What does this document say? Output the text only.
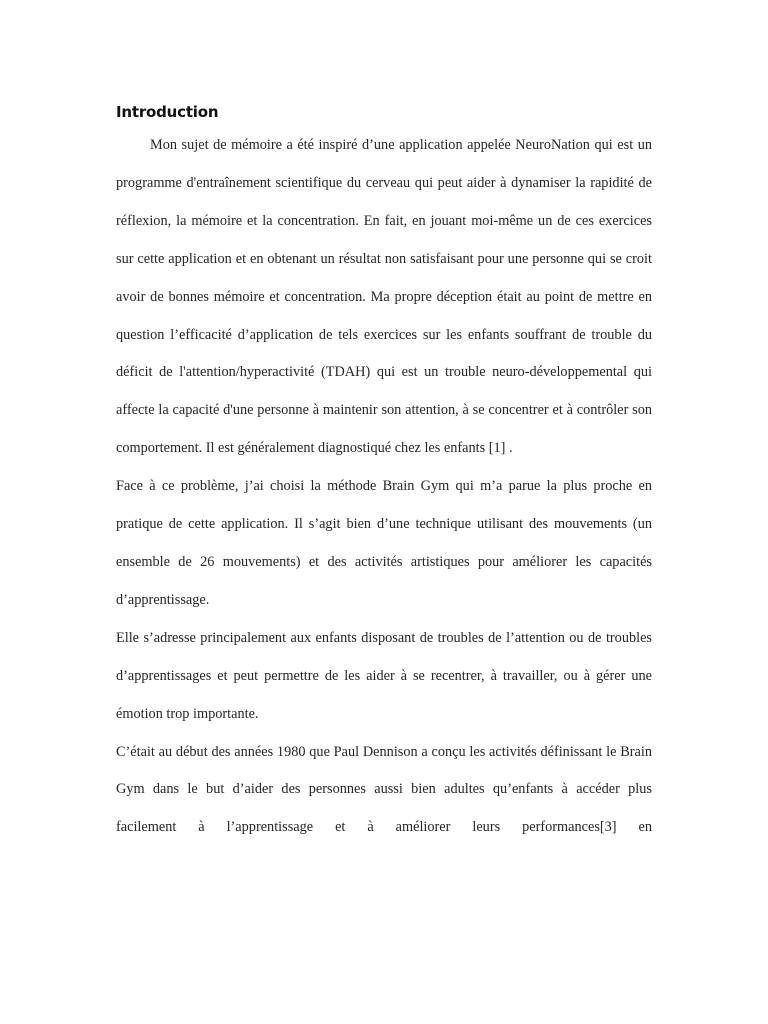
Introduction

Mon sujet de mémoire a été inspiré d’une application appelée NeuroNation qui est un programme d'entraînement scientifique du cerveau qui peut aider à dynamiser la rapidité de réflexion, la mémoire et la concentration. En fait, en jouant moi-même un de ces exercices sur cette application et en obtenant un résultat non satisfaisant pour une personne qui se croit avoir de bonnes mémoire et concentration. Ma propre déception était au point de mettre en question l’efficacité d’application de tels exercices sur les enfants souffrant de trouble du déficit de l'attention/hyperactivité (TDAH) qui est un trouble neuro-développemental qui affecte la capacité d'une personne à maintenir son attention, à se concentrer et à contrôler son comportement. Il est généralement diagnostiqué chez les enfants [1] .

Face à ce problème, j’ai choisi la méthode Brain Gym qui m’a parue la plus proche en pratique de cette application. Il s’agit bien d’une technique utilisant des mouvements (un ensemble de 26 mouvements) et des activités artistiques pour améliorer les capacités d’apprentissage.

Elle s’adresse principalement aux enfants disposant de troubles de l’attention ou de troubles d’apprentissages et peut permettre de les aider à se recentrer, à travailler, ou à gérer une émotion trop importante.

C’était au début des années 1980 que Paul Dennison a conçu les activités définissant le Brain Gym dans le but d’aider des personnes aussi bien adultes qu’enfants à accéder plus facilement à l’apprentissage et à améliorer leurs performances[3] en
